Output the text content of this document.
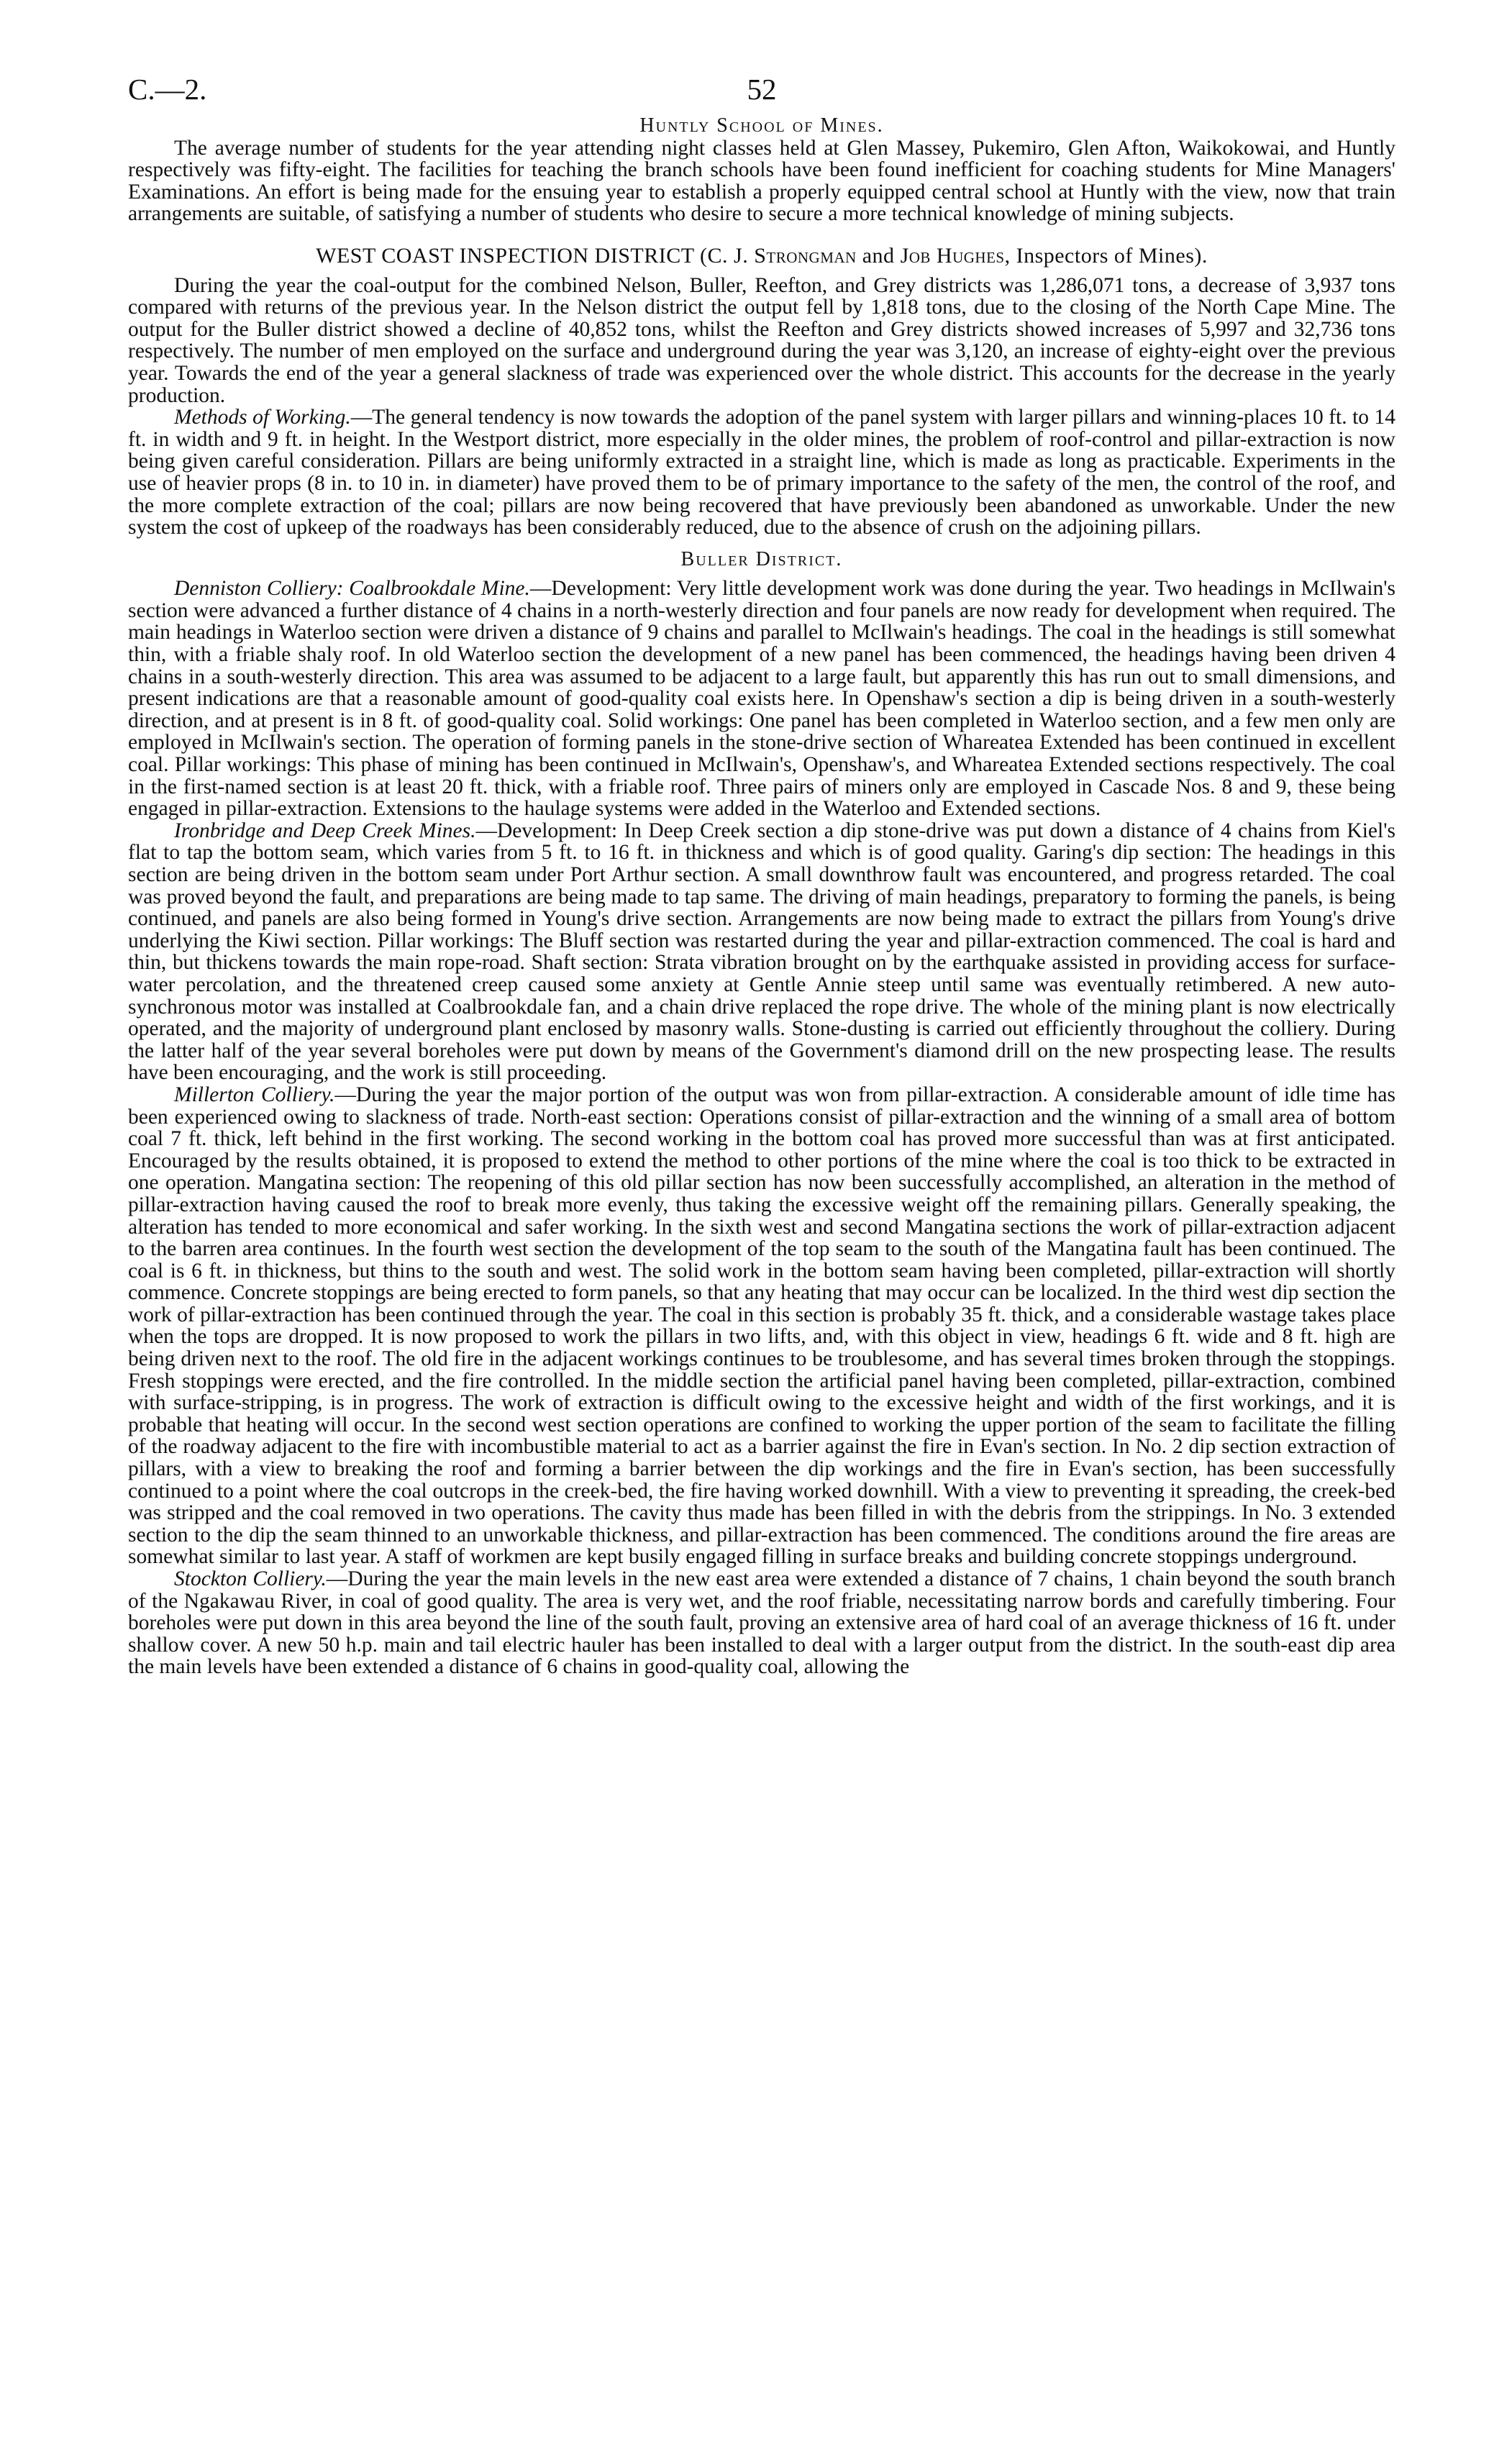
C.—2.	52
Huntly School of Mines.

The average number of students for the year attending night classes held at Glen Massey, Pukemiro, Glen Afton, Waikokowai, and Huntly respectively was fifty-eight. The facilities for teaching the branch schools have been found inefficient for coaching students for Mine Managers' Examinations. An effort is being made for the ensuing year to establish a properly equipped central school at Huntly with the view, now that train arrangements are suitable, of satisfying a number of students who desire to secure a more technical knowledge of mining subjects.

WEST COAST INSPECTION DISTRICT (C. J. Strongman and Job Hughes, Inspectors of Mines).

During the year the coal-output for the combined Nelson, Buller, Reefton, and Grey districts was 1,286,071 tons, a decrease of 3,937 tons compared with returns of the previous year. In the Nelson district the output fell by 1,818 tons, due to the closing of the North Cape Mine. The output for the Buller district showed a decline of 40,852 tons, whilst the Reefton and Grey districts showed increases of 5,997 and 32,736 tons respectively. The number of men employed on the surface and underground during the year was 3,120, an increase of eighty-eight over the previous year. Towards the end of the year a general slackness of trade was experienced over the whole district. This accounts for the decrease in the yearly production.

Methods of Working.—The general tendency is now towards the adoption of the panel system with larger pillars and winning-places 10 ft. to 14 ft. in width and 9 ft. in height. In the Westport district, more especially in the older mines, the problem of roof-control and pillar-extraction is now being given careful consideration. Pillars are being uniformly extracted in a straight line, which is made as long as practicable. Experiments in the use of heavier props (8 in. to 10 in. in diameter) have proved them to be of primary importance to the safety of the men, the control of the roof, and the more complete extraction of the coal; pillars are now being recovered that have previously been abandoned as unworkable. Under the new system the cost of upkeep of the roadways has been considerably reduced, due to the absence of crush on the adjoining pillars.

Buller District.

Denniston Colliery: Coalbrookdale Mine.—Development: Very little development work was done during the year. Two headings in McIlwain's section were advanced a further distance of 4 chains in a north-westerly direction and four panels are now ready for development when required. The main headings in Waterloo section were driven a distance of 9 chains and parallel to McIlwain's headings. The coal in the headings is still somewhat thin, with a friable shaly roof. In old Waterloo section the development of a new panel has been commenced, the headings having been driven 4 chains in a south-westerly direction. This area was assumed to be adjacent to a large fault, but apparently this has run out to small dimensions, and present indications are that a reasonable amount of good-quality coal exists here. In Openshaw's section a dip is being driven in a south-westerly direction, and at present is in 8 ft. of good-quality coal. Solid workings: One panel has been completed in Waterloo section, and a few men only are employed in McIlwain's section. The operation of forming panels in the stone-drive section of Whareatea Extended has been continued in excellent coal. Pillar workings: This phase of mining has been continued in McIlwain's, Openshaw's, and Whareatea Extended sections respectively. The coal in the first-named section is at least 20 ft. thick, with a friable roof. Three pairs of miners only are employed in Cascade Nos. 8 and 9, these being engaged in pillar-extraction. Extensions to the haulage systems were added in the Waterloo and Extended sections.

Ironbridge and Deep Creek Mines.—Development: In Deep Creek section a dip stone-drive was put down a distance of 4 chains from Kiel's flat to tap the bottom seam, which varies from 5 ft. to 16 ft. in thickness and which is of good quality. Garing's dip section: The headings in this section are being driven in the bottom seam under Port Arthur section. A small downthrow fault was encountered, and progress retarded. The coal was proved beyond the fault, and preparations are being made to tap same. The driving of main headings, preparatory to forming the panels, is being continued, and panels are also being formed in Young's drive section. Arrangements are now being made to extract the pillars from Young's drive underlying the Kiwi section. Pillar workings: The Bluff section was restarted during the year and pillar-extraction commenced. The coal is hard and thin, but thickens towards the main rope-road. Shaft section: Strata vibration brought on by the earthquake assisted in providing access for surface-water percolation, and the threatened creep caused some anxiety at Gentle Annie steep until same was eventually retimbered. A new auto-synchronous motor was installed at Coalbrookdale fan, and a chain drive replaced the rope drive. The whole of the mining plant is now electrically operated, and the majority of underground plant enclosed by masonry walls. Stone-dusting is carried out efficiently throughout the colliery. During the latter half of the year several boreholes were put down by means of the Government's diamond drill on the new prospecting lease. The results have been encouraging, and the work is still proceeding.

Millerton Colliery.—During the year the major portion of the output was won from pillar-extraction. A considerable amount of idle time has been experienced owing to slackness of trade. North-east section: Operations consist of pillar-extraction and the winning of a small area of bottom coal 7 ft. thick, left behind in the first working. The second working in the bottom coal has proved more successful than was at first anticipated. Encouraged by the results obtained, it is proposed to extend the method to other portions of the mine where the coal is too thick to be extracted in one operation. Mangatina section: The reopening of this old pillar section has now been successfully accomplished, an alteration in the method of pillar-extraction having caused the roof to break more evenly, thus taking the excessive weight off the remaining pillars. Generally speaking, the alteration has tended to more economical and safer working. In the sixth west and second Mangatina sections the work of pillar-extraction adjacent to the barren area continues. In the fourth west section the development of the top seam to the south of the Mangatina fault has been continued. The coal is 6 ft. in thickness, but thins to the south and west. The solid work in the bottom seam having been completed, pillar-extraction will shortly commence. Concrete stoppings are being erected to form panels, so that any heating that may occur can be localized. In the third west dip section the work of pillar-extraction has been continued through the year. The coal in this section is probably 35 ft. thick, and a considerable wastage takes place when the tops are dropped. It is now proposed to work the pillars in two lifts, and, with this object in view, headings 6 ft. wide and 8 ft. high are being driven next to the roof. The old fire in the adjacent workings continues to be troublesome, and has several times broken through the stoppings. Fresh stoppings were erected, and the fire controlled. In the middle section the artificial panel having been completed, pillar-extraction, combined with surface-stripping, is in progress. The work of extraction is difficult owing to the excessive height and width of the first workings, and it is probable that heating will occur. In the second west section operations are confined to working the upper portion of the seam to facilitate the filling of the roadway adjacent to the fire with incombustible material to act as a barrier against the fire in Evan's section. In No. 2 dip section extraction of pillars, with a view to breaking the roof and forming a barrier between the dip workings and the fire in Evan's section, has been successfully continued to a point where the coal outcrops in the creek-bed, the fire having worked downhill. With a view to preventing it spreading, the creek-bed was stripped and the coal removed in two operations. The cavity thus made has been filled in with the debris from the strippings. In No. 3 extended section to the dip the seam thinned to an unworkable thickness, and pillar-extraction has been commenced. The conditions around the fire areas are somewhat similar to last year. A staff of workmen are kept busily engaged filling in surface breaks and building concrete stoppings underground.

Stockton Colliery.—During the year the main levels in the new east area were extended a distance of 7 chains, 1 chain beyond the south branch of the Ngakawau River, in coal of good quality. The area is very wet, and the roof friable, necessitating narrow bords and carefully timbering. Four boreholes were put down in this area beyond the line of the south fault, proving an extensive area of hard coal of an average thickness of 16 ft. under shallow cover. A new 50 h.p. main and tail electric hauler has been installed to deal with a larger output from the district. In the south-east dip area the main levels have been extended a distance of 6 chains in good-quality coal, allowing the
